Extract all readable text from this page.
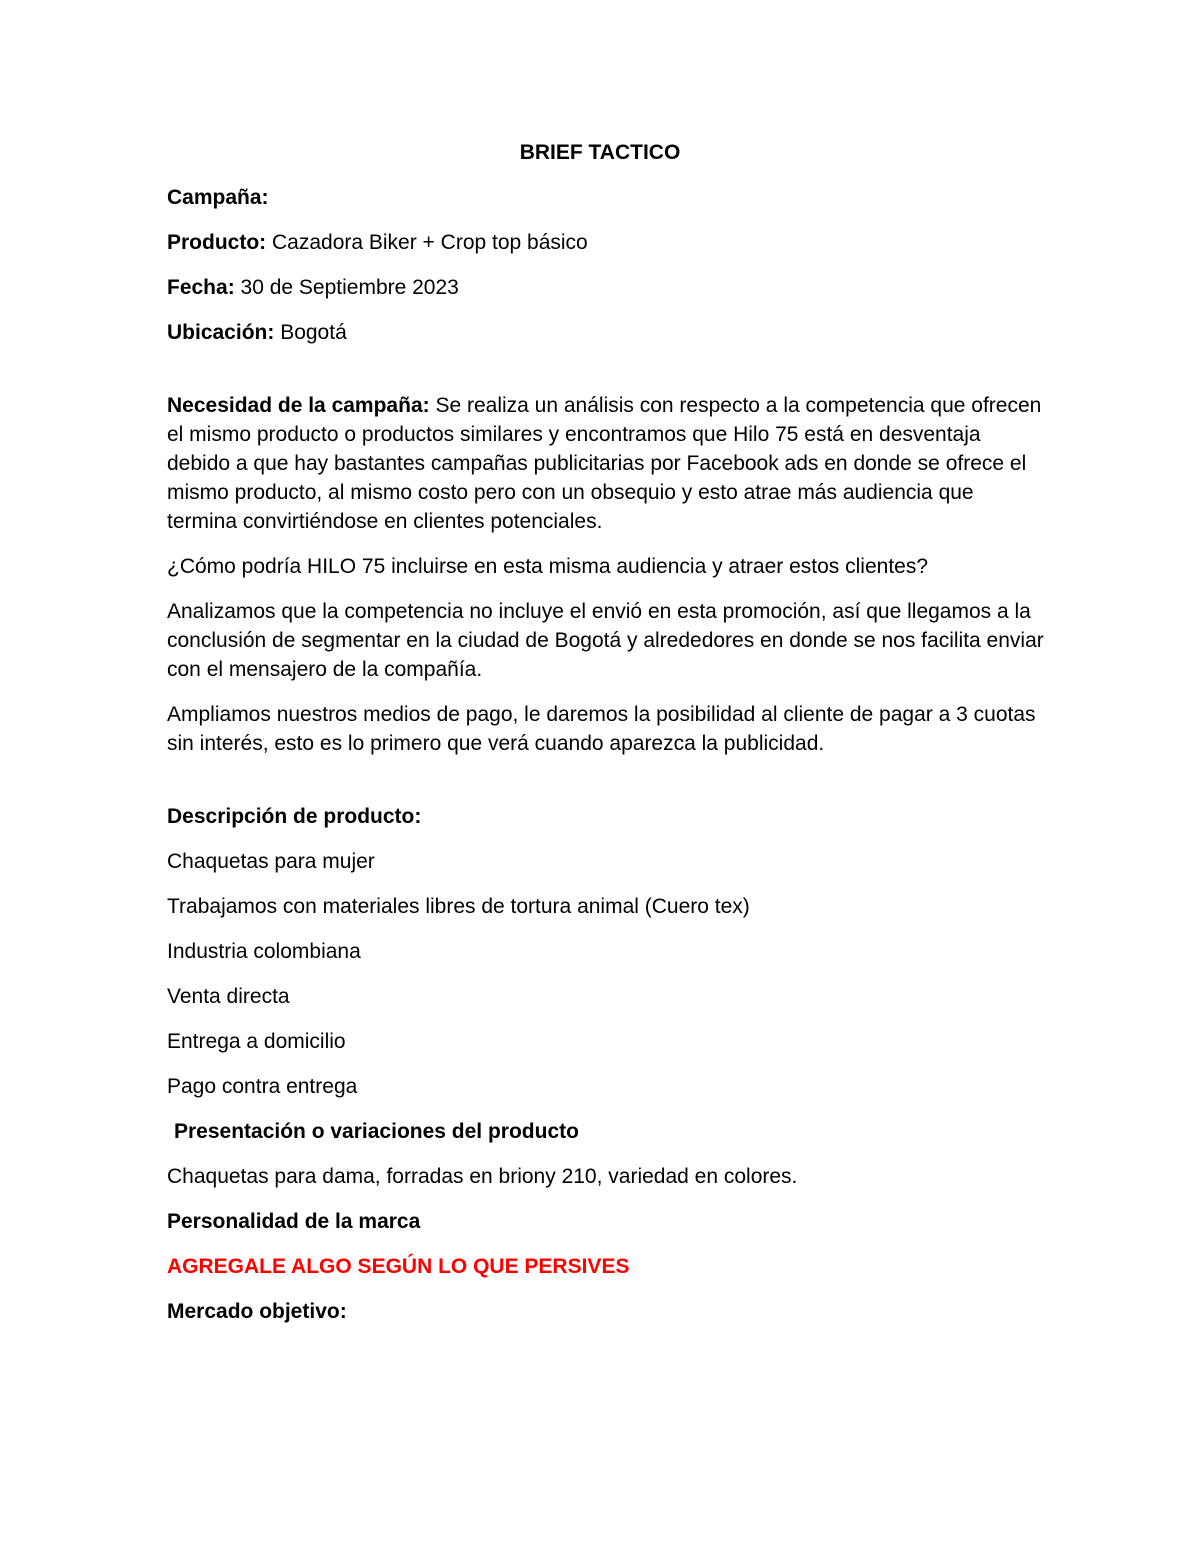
BRIEF TACTICO

Campaña:

Producto: Cazadora Biker + Crop top básico

Fecha: 30 de Septiembre 2023

Ubicación: Bogotá

Necesidad de la campaña: Se realiza un análisis con respecto a la competencia que ofrecen el mismo producto o productos similares y encontramos que Hilo 75 está en desventaja debido a que hay bastantes campañas publicitarias por Facebook ads en donde se ofrece el mismo producto, al mismo costo pero con un obsequio y esto atrae más audiencia que termina convirtiéndose en clientes potenciales.

¿Cómo podría HILO 75 incluirse en esta misma audiencia y atraer estos clientes?

Analizamos que la competencia no incluye el envió en esta promoción, así que llegamos a la conclusión de segmentar en la ciudad de Bogotá y alrededores en donde se nos facilita enviar con el mensajero de la compañía.

Ampliamos nuestros medios de pago, le daremos la posibilidad al cliente de pagar a 3 cuotas sin interés, esto es lo primero que verá cuando aparezca la publicidad.

Descripción de producto:

Chaquetas para mujer

Trabajamos con materiales libres de tortura animal (Cuero tex)

Industria colombiana

Venta directa

Entrega a domicilio

Pago contra entrega

Presentación o variaciones del producto

Chaquetas para dama, forradas en briony 210, variedad en colores.

Personalidad de la marca

AGREGALE ALGO SEGÚN LO QUE PERSIVES

Mercado objetivo:
